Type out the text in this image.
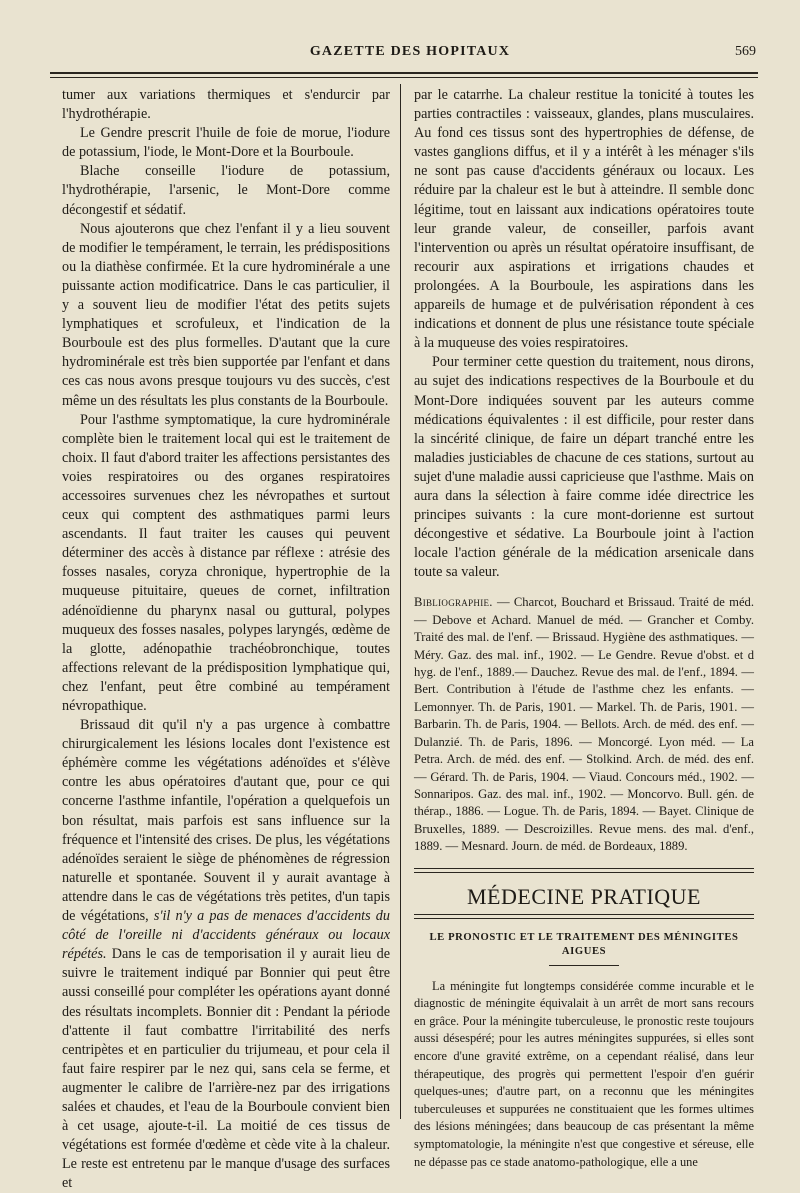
GAZETTE DES HOPITAUX	569

tumer aux variations thermiques et s'endurcir par l'hydrothérapie.

Le Gendre prescrit l'huile de foie de morue, l'iodure de potassium, l'iode, le Mont-Dore et la Bourboule.

Blache conseille l'iodure de potassium, l'hydrothérapie, l'arsenic, le Mont-Dore comme décongestif et sédatif.

Nous ajouterons que chez l'enfant il y a lieu souvent de modifier le tempérament, le terrain, les prédispositions ou la diathèse confirmée. Et la cure hydrominérale a une puissante action modificatrice. Dans le cas particulier, il y a souvent lieu de modifier l'état des petits sujets lymphatiques et scrofuleux, et l'indication de la Bourboule est des plus formelles. D'autant que la cure hydrominérale est très bien supportée par l'enfant et dans ces cas nous avons presque toujours vu des succès, c'est même un des résultats les plus constants de la Bourboule.

Pour l'asthme symptomatique, la cure hydrominérale complète bien le traitement local qui est le traitement de choix. Il faut d'abord traiter les affections persistantes des voies respiratoires ou des organes respiratoires accessoires survenues chez les névropathes et surtout ceux qui comptent des asthmatiques parmi leurs ascendants. Il faut traiter les causes qui peuvent déterminer des accès à distance par réflexe : atrésie des fosses nasales, coryza chronique, hypertrophie de la muqueuse pituitaire, queues de cornet, infiltration adénoïdienne du pharynx nasal ou guttural, polypes muqueux des fosses nasales, polypes laryngés, œdème de la glotte, adénopathie trachéobronchique, toutes affections relevant de la prédisposition lymphatique qui, chez l'enfant, peut être combiné au tempérament névropathique.

Brissaud dit qu'il n'y a pas urgence à combattre chirurgicalement les lésions locales dont l'existence est éphémère comme les végétations adénoïdes et s'élève contre les abus opératoires d'autant que, pour ce qui concerne l'asthme infantile, l'opération a quelquefois un bon résultat, mais parfois est sans influence sur la fréquence et l'intensité des crises. De plus, les végétations adénoïdes seraient le siège de phénomènes de régression naturelle et spontanée. Souvent il y aurait avantage à attendre dans le cas de végétations très petites, d'un tapis de végétations, s'il n'y a pas de menaces d'accidents du côté de l'oreille ni d'accidents généraux ou locaux répétés. Dans le cas de temporisation il y aurait lieu de suivre le traitement indiqué par Bonnier qui peut être aussi conseillé pour compléter les opérations ayant donné des résultats incomplets. Bonnier dit : Pendant la période d'attente il faut combattre l'irritabilité des nerfs centripètes et en particulier du trijumeau, et pour cela il faut faire respirer par le nez qui, sans cela se ferme, et augmenter le calibre de l'arrière-nez par des irrigations salées et chaudes, et l'eau de la Bourboule convient bien à cet usage, ajoute-t-il. La moitié de ces tissus de végétations est formée d'œdème et cède vite à la chaleur. Le reste est entretenu par le manque d'usage des surfaces et

par le catarrhe. La chaleur restitue la tonicité à toutes les parties contractiles : vaisseaux, glandes, plans musculaires. Au fond ces tissus sont des hypertrophies de défense, de vastes ganglions diffus, et il y a intérêt à les ménager s'ils ne sont pas cause d'accidents généraux ou locaux. Les réduire par la chaleur est le but à atteindre. Il semble donc légitime, tout en laissant aux indications opératoires toute leur grande valeur, de conseiller, parfois avant l'intervention ou après un résultat opératoire insuffisant, de recourir aux aspirations et irrigations chaudes et prolongées. A la Bourboule, les aspirations dans les appareils de humage et de pulvérisation répondent à ces indications et donnent de plus une résistance toute spéciale à la muqueuse des voies respiratoires.

Pour terminer cette question du traitement, nous dirons, au sujet des indications respectives de la Bourboule et du Mont-Dore indiquées souvent par les auteurs comme médications équivalentes : il est difficile, pour rester dans la sincérité clinique, de faire un départ tranché entre les maladies justiciables de chacune de ces stations, surtout au sujet d'une maladie aussi capricieuse que l'asthme. Mais on aura dans la sélection à faire comme idée directrice les principes suivants : la cure mont-dorienne est surtout décongestive et sédative. La Bourboule joint à l'action locale l'action générale de la médication arsenicale dans toute sa valeur.

Bibliographie. — Charcot, Bouchard et Brissaud. Traité de méd. — Debove et Achard. Manuel de méd. — Grancher et Comby. Traité des mal. de l'enf. — Brissaud. Hygiène des asthmatiques. — Méry. Gaz. des mal. inf., 1902. — Le Gendre. Revue d'obst. et d hyg. de l'enf., 1889.— Dauchez. Revue des mal. de l'enf., 1894. — Bert. Contribution à l'étude de l'asthme chez les enfants. — Lemonnyer. Th. de Paris, 1901. — Markel. Th. de Paris, 1901. — Barbarin. Th. de Paris, 1904. — Bellots. Arch. de méd. des enf. — Dulanzié. Th. de Paris, 1896. — Moncorgé. Lyon méd. — La Petra. Arch. de méd. des enf. — Stolkind. Arch. de méd. des enf. — Gérard. Th. de Paris, 1904. — Viaud. Concours méd., 1902. — Sonnaripos. Gaz. des mal. inf., 1902. — Moncorvo. Bull. gén. de thérap., 1886. — Logue. Th. de Paris, 1894. — Bayet. Clinique de Bruxelles, 1889. — Descroizilles. Revue mens. des mal. d'enf., 1889. — Mesnard. Journ. de méd. de Bordeaux, 1889.

MÉDECINE PRATIQUE
LE PRONOSTIC ET LE TRAITEMENT DES MÉNINGITES AIGUES

La méningite fut longtemps considérée comme incurable et le diagnostic de méningite équivalait à un arrêt de mort sans recours en grâce. Pour la méningite tuberculeuse, le pronostic reste toujours aussi désespéré; pour les autres méningites suppurées, si elles sont encore d'une gravité extrême, on a cependant réalisé, dans leur thérapeutique, des progrès qui permettent l'espoir d'en guérir quelques-unes; d'autre part, on a reconnu que les méningites tuberculeuses et suppurées ne constituaient que les formes ultimes des lésions méningées; dans beaucoup de cas présentant la même symptomatologie, la méningite n'est que congestive et séreuse, elle ne dépasse pas ce stade anatomo-pathologique, elle a une
